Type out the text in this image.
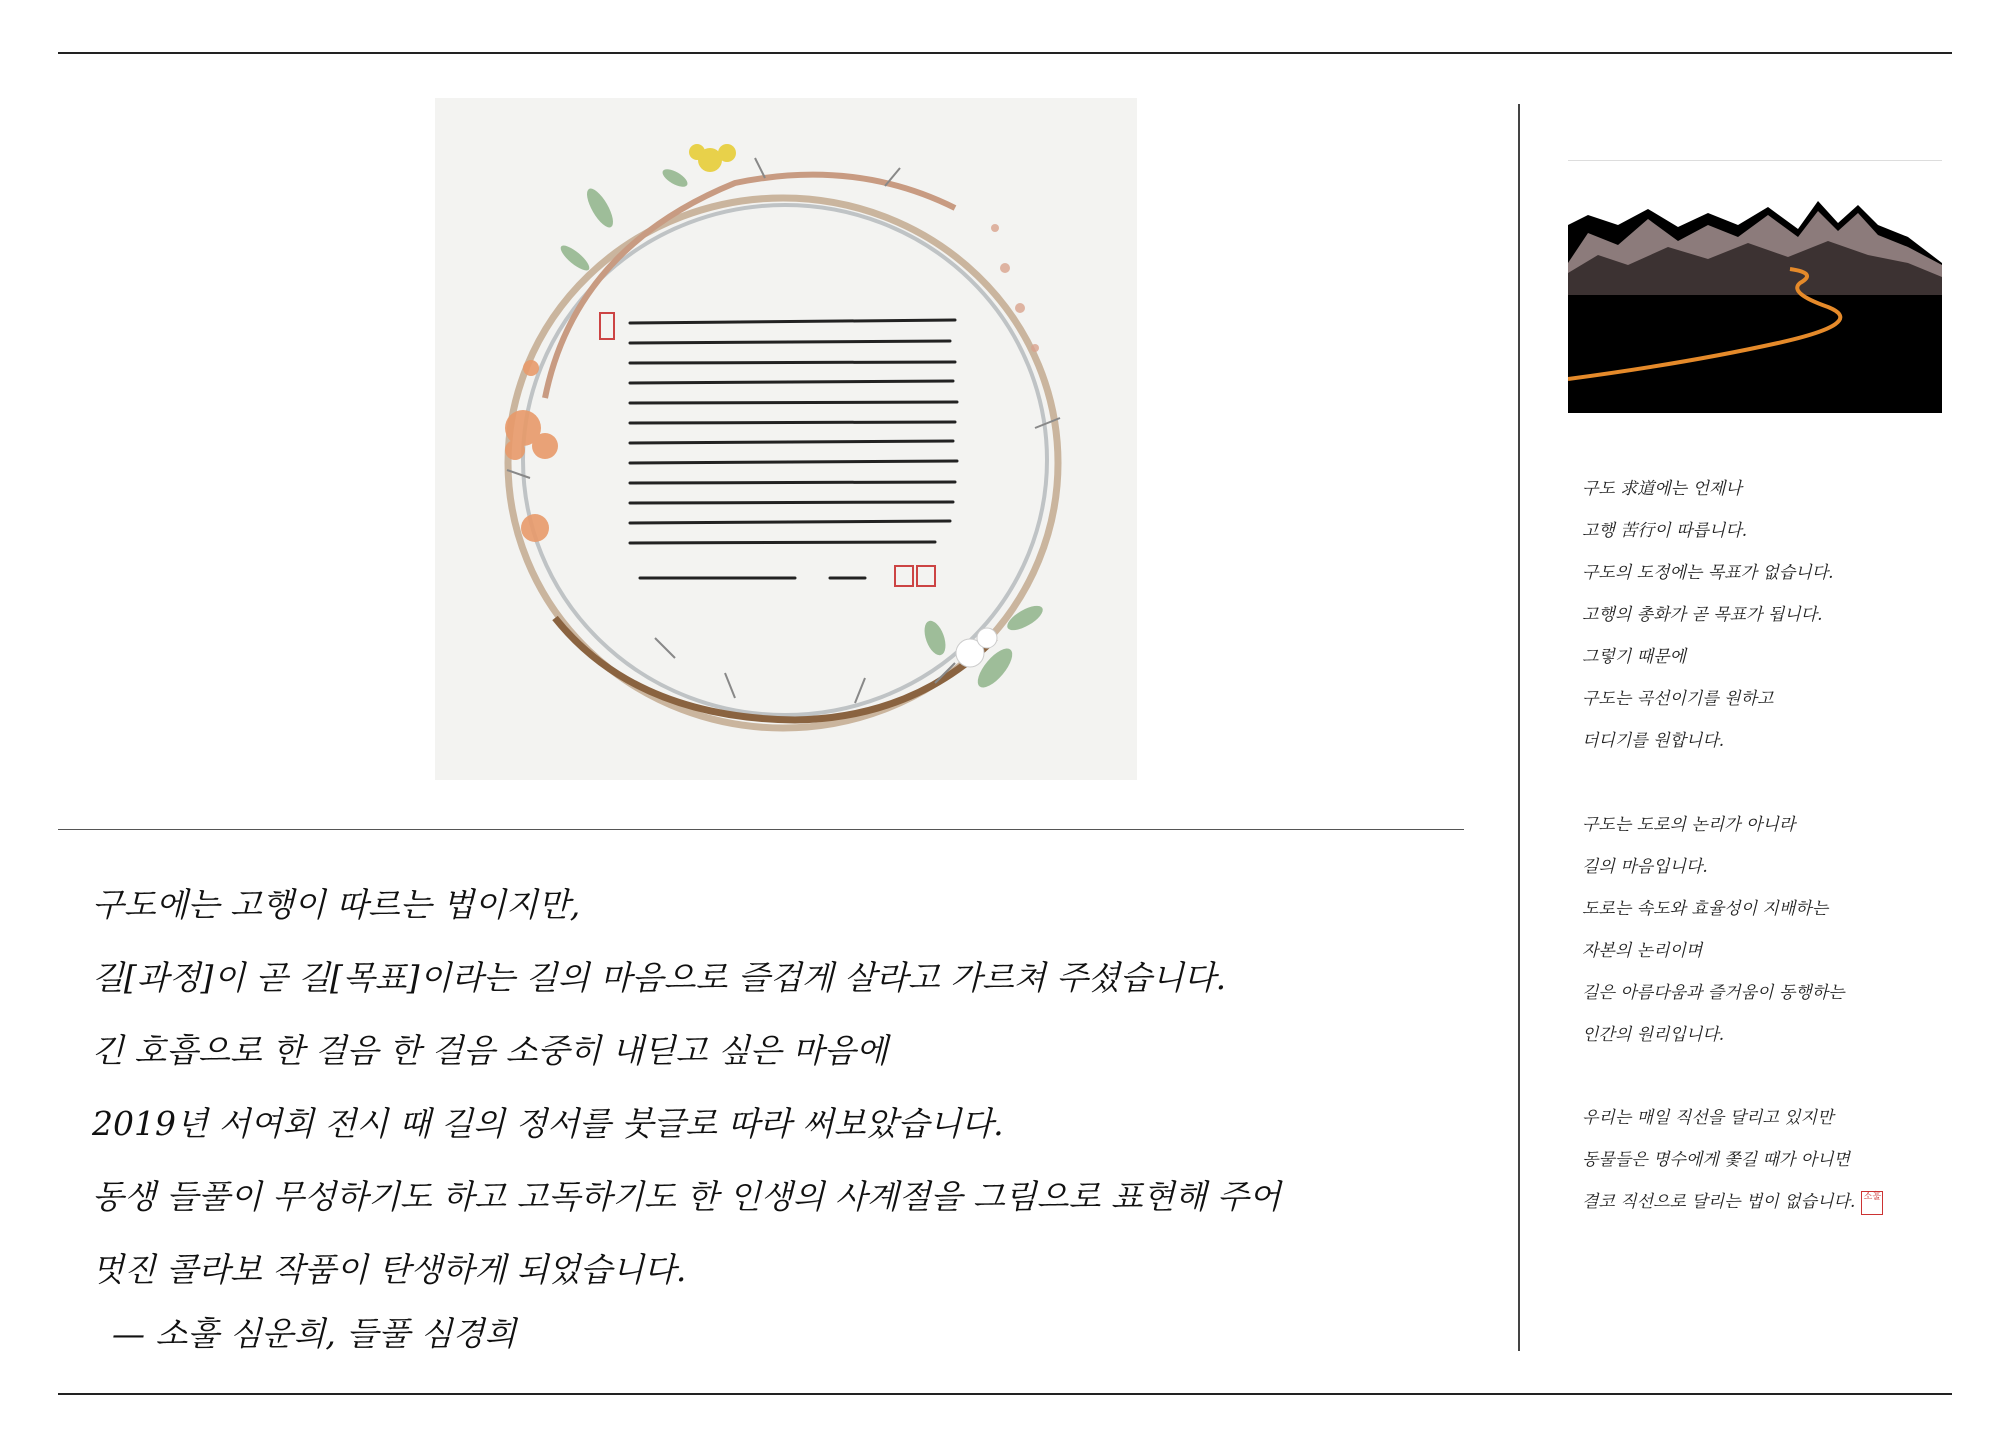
구도에는 고행이 따르는 법이지만,

길[과정]이 곧 길[목표]이라는 길의 마음으로 즐겁게 살라고 가르쳐 주셨습니다.

긴 호흡으로 한 걸음 한 걸음 소중히 내딛고 싶은 마음에

2019년 서여회 전시 때 길의 정서를 붓글로 따라 써보았습니다.

동생 들풀이 무성하기도 하고 고독하기도 한 인생의 사계절을 그림으로 표현해 주어

멋진 콜라보 작품이 탄생하게 되었습니다.

— 소훌 심운희, 들풀 심경희

구도 求道에는 언제나

고행 苦行이 따릅니다.

구도의 도정에는 목표가 없습니다.

고행의 총화가 곧 목표가 됩니다.

그렇기 때문에

구도는 곡선이기를 원하고

더디기를 원합니다.

구도는 도로의 논리가 아니라

길의 마음입니다.

도로는 속도와 효율성이 지배하는

자본의 논리이며

길은 아름다움과 즐거움이 동행하는

인간의 원리입니다.

우리는 매일 직선을 달리고 있지만

동물들은 명수에게 쫓길 때가 아니면

결코 직선으로 달리는 법이 없습니다. 소훌
